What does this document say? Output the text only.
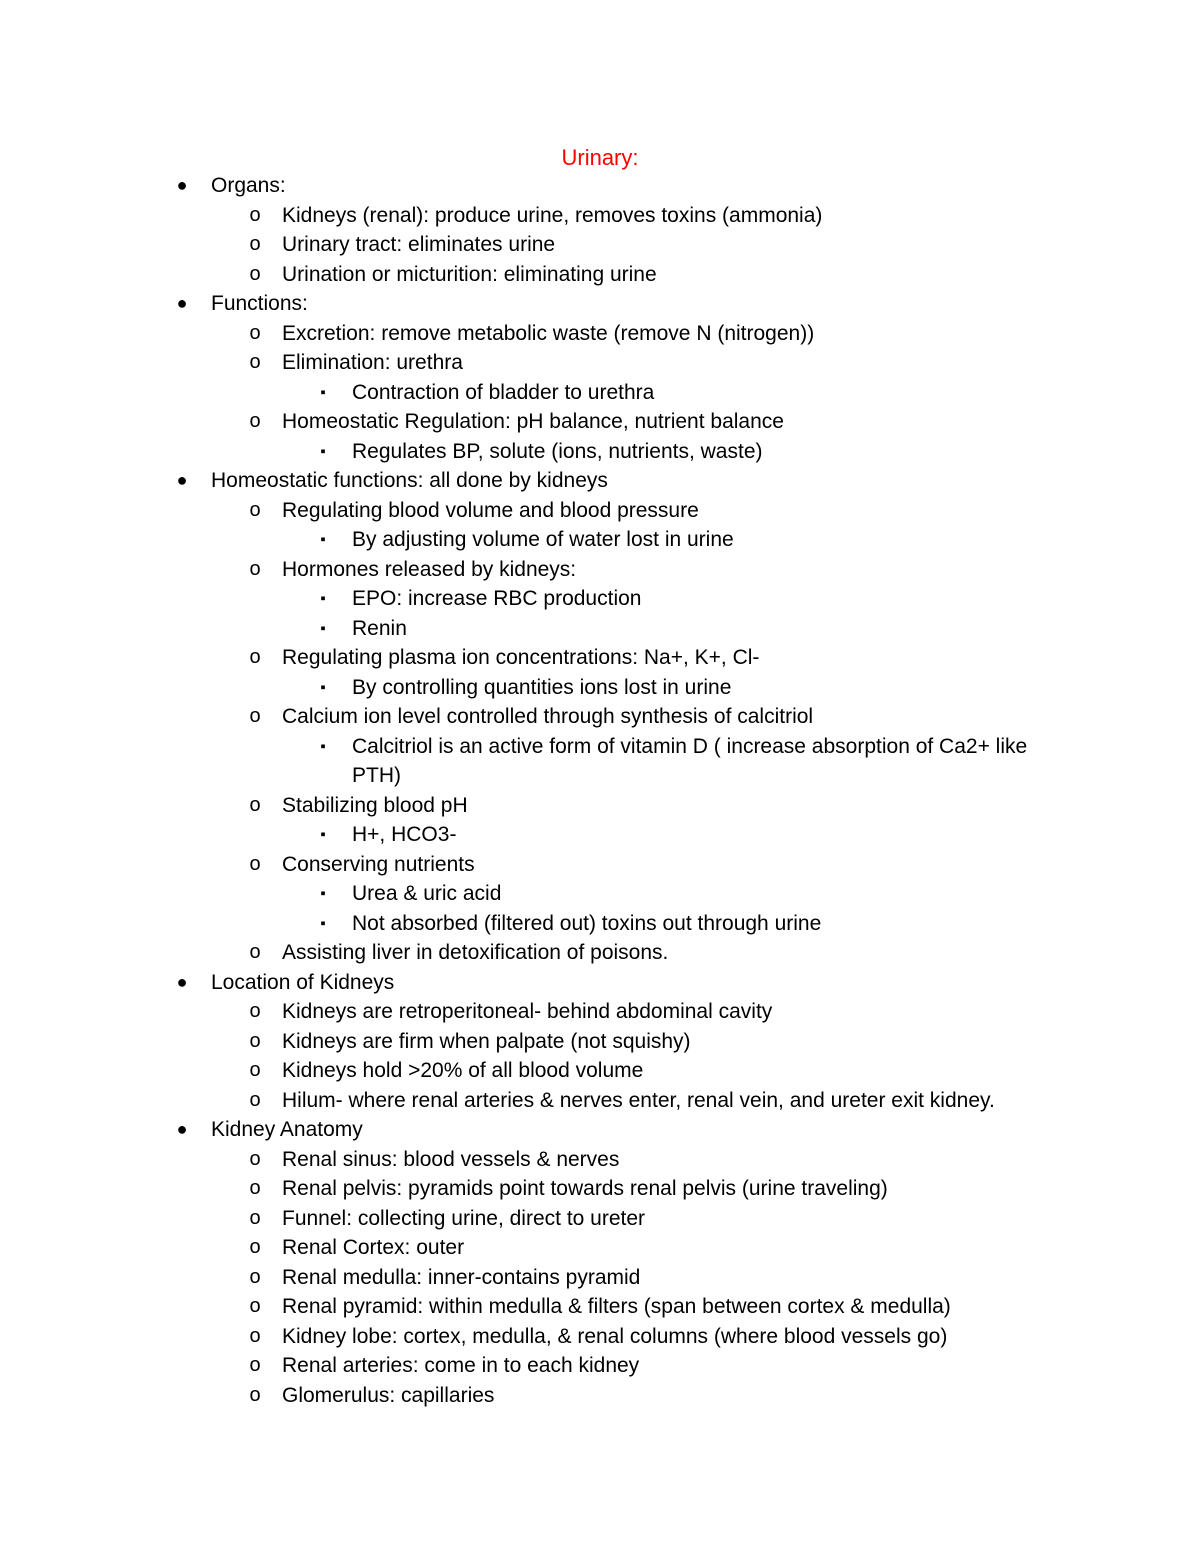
Urinary:
●	Organs:
o	Kidneys (renal): produce urine, removes toxins (ammonia)
o	Urinary tract: eliminates urine
o	Urination or micturition: eliminating urine
●	Functions:
o	Excretion: remove metabolic waste (remove N (nitrogen))
o	Elimination: urethra
▪	Contraction of bladder to urethra
o	Homeostatic Regulation: pH balance, nutrient balance
▪	Regulates BP, solute (ions, nutrients, waste)
●	Homeostatic functions: all done by kidneys
o	Regulating blood volume and blood pressure
▪	By adjusting volume of water lost in urine
o	Hormones released by kidneys:
▪	EPO: increase RBC production
▪	Renin
o	Regulating plasma ion concentrations: Na+, K+, Cl-
▪	By controlling quantities ions lost in urine
o	Calcium ion level controlled through synthesis of calcitriol
▪	Calcitriol is an active form of vitamin D ( increase absorption of Ca2+ like PTH)
o	Stabilizing blood pH
▪	H+, HCO3-
o	Conserving nutrients
▪	Urea & uric acid
▪	Not absorbed (filtered out) toxins out through urine
o	Assisting liver in detoxification of poisons.
●	Location of Kidneys
o	Kidneys are retroperitoneal- behind abdominal cavity
o	Kidneys are firm when palpate (not squishy)
o	Kidneys hold >20% of all blood volume
o	Hilum- where renal arteries & nerves enter, renal vein, and ureter exit kidney.
●	Kidney Anatomy
o	Renal sinus: blood vessels & nerves
o	Renal pelvis: pyramids point towards renal pelvis (urine traveling)
o	Funnel: collecting urine, direct to ureter
o	Renal Cortex: outer
o	Renal medulla: inner-contains pyramid
o	Renal pyramid: within medulla & filters (span between cortex & medulla)
o	Kidney lobe: cortex, medulla, & renal columns (where blood vessels go)
o	Renal arteries: come in to each kidney
o	Glomerulus: capillaries
